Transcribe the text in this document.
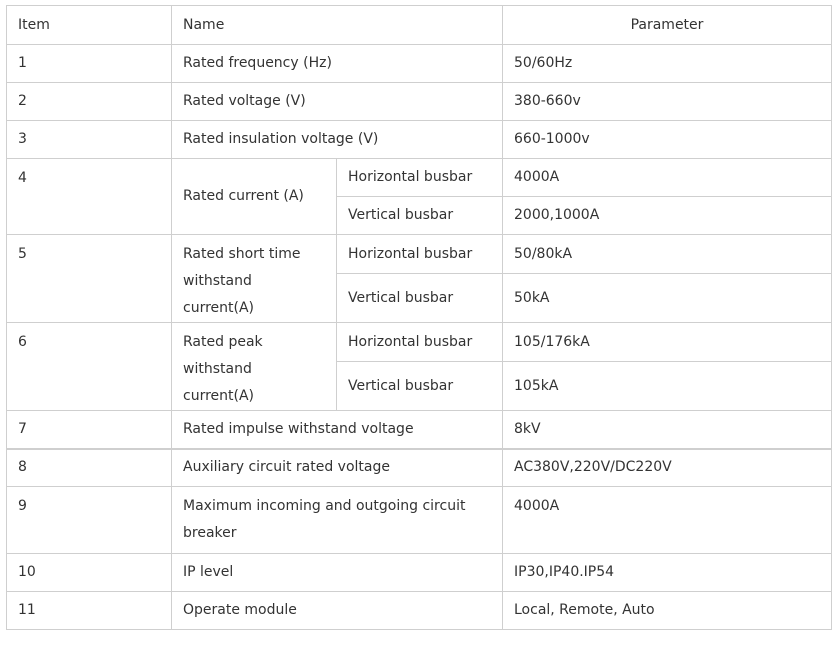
Item	Name		Parameter
1	Rated frequency (Hz)		50/60Hz
2	Rated voltage (V)		380-660v
3	Rated insulation voltage (V)		660-1000v
4	Rated current (A)	Horizontal busbar	4000A
		Vertical busbar	2000,1000A
5	Rated short time
withstand
current(A)	Horizontal busbar	50/80kA
		Vertical busbar	50kA
6	Rated peak
withstand
current(A)	Horizontal busbar	105/176kA
		Vertical busbar	105kA
7	Rated impulse withstand voltage		8kV
8	Auxiliary circuit rated voltage		AC380V,220V/DC220V
9	Maximum incoming and outgoing circuit
breaker		4000A
10	IP level		IP30,IP40.IP54
11	Operate module		Local, Remote, Auto
